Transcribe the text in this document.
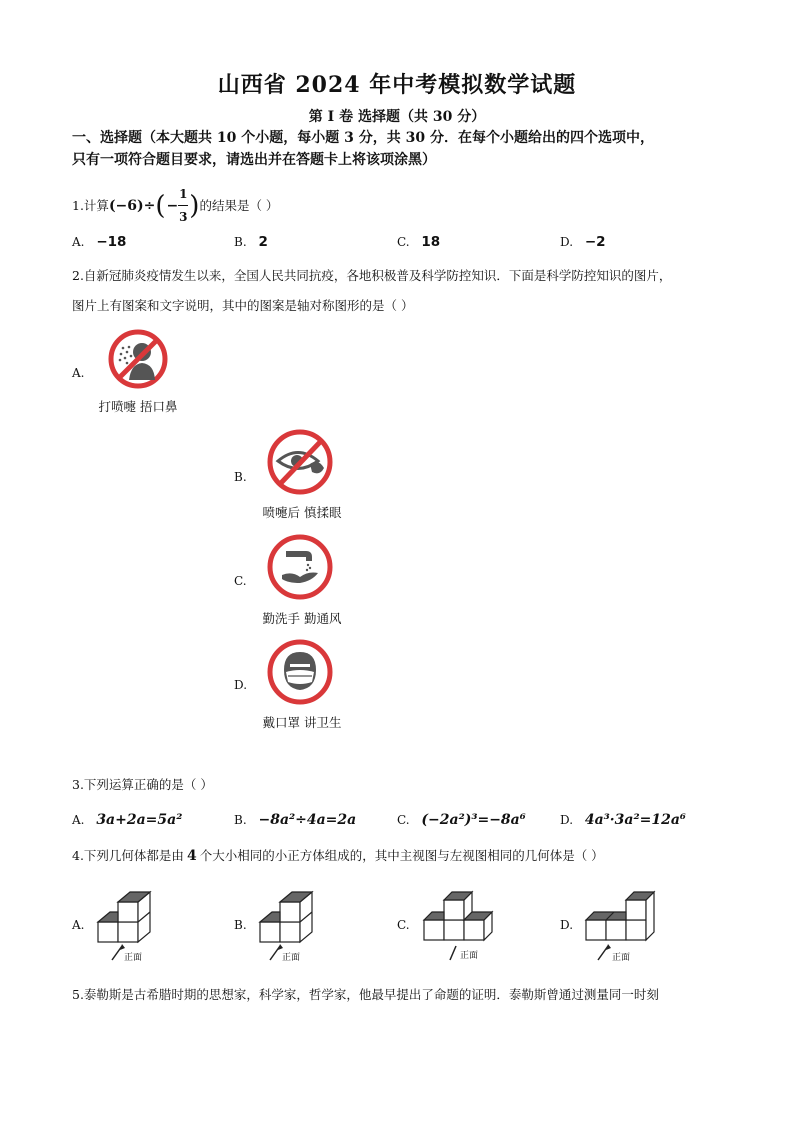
山西省 2024 年中考模拟数学试题
第 I 卷 选择题（共 30 分）
一、选择题（本大题共 10 个小题，每小题 3 分，共 30 分．在每个小题给出的四个选项中，
只有一项符合题目要求，请选出并在答题卡上将该项涂黑）
1.计算 (−6)÷ ( − $\frac{1}{3}$ ) 的结果是（ ）
A. −18	B. 2	C. 18	D. −2
2.自新冠肺炎疫情发生以来，全国人民共同抗疫，各地积极普及科学防控知识．下面是科学防控知识的图片，
图片上有图案和文字说明，其中的图案是轴对称图形的是（ ）
A.
打喷嚏 捂口鼻
B.
喷嚏后 慎揉眼
C.
勤洗手 勤通风
D.
戴口罩 讲卫生
3.下列运算正确的是（ ）
A. 3a+2a=5a²	B. −8a²÷4a=2a	C. (−2a²)³=−8a⁶	D. 4a³·3a²=12a⁶
4.下列几何体都是由 4 个大小相同的小正方体组成的，其中主视图与左视图相同的几何体是（ ）
A.
正面
B.
正面
C.
正面
D.
正面
5.泰勒斯是古希腊时期的思想家，科学家，哲学家，他最早提出了命题的证明．泰勒斯曾通过测量同一时刻
